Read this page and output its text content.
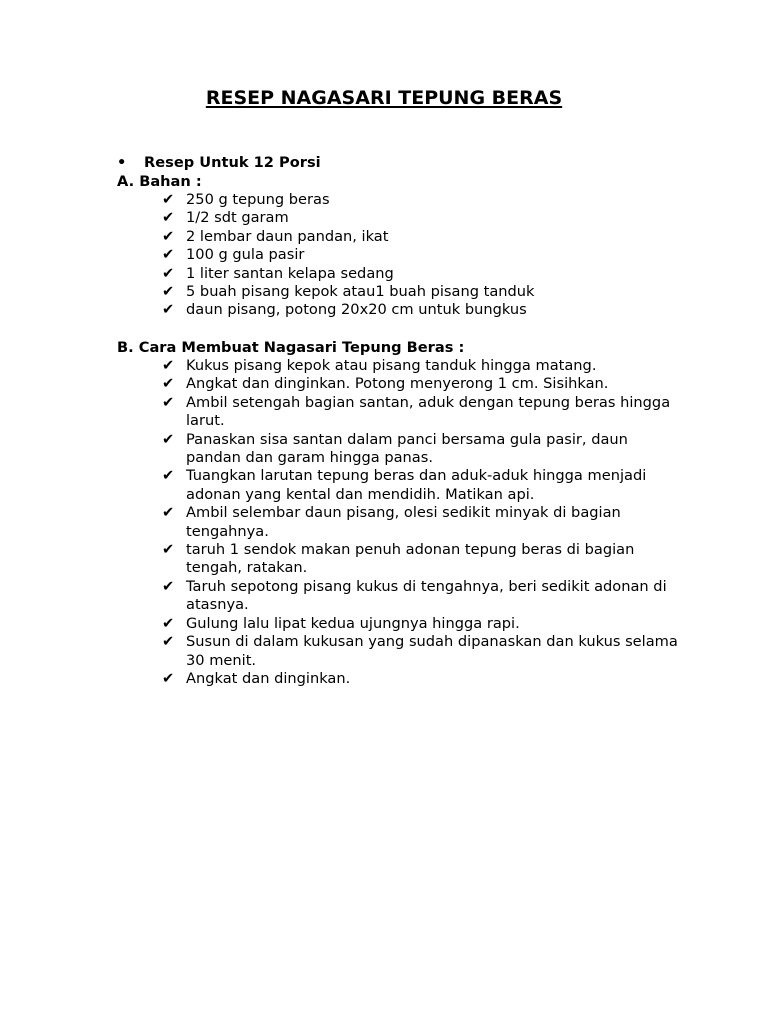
RESEP NAGASARI TEPUNG BERAS
• Resep Untuk 12 Porsi
A. Bahan :
✔ 250 g tepung beras
✔ 1/2 sdt garam
✔ 2 lembar daun pandan, ikat
✔ 100 g gula pasir
✔ 1 liter santan kelapa sedang
✔ 5 buah pisang kepok atau1 buah pisang tanduk
✔ daun pisang, potong 20x20 cm untuk bungkus
B. Cara Membuat Nagasari Tepung Beras :
✔ Kukus pisang kepok atau pisang tanduk hingga matang.
✔ Angkat dan dinginkan. Potong menyerong 1 cm. Sisihkan.
✔ Ambil setengah bagian santan, aduk dengan tepung beras hingga larut.
✔ Panaskan sisa santan dalam panci bersama gula pasir, daun pandan dan garam hingga panas.
✔ Tuangkan larutan tepung beras dan aduk-aduk hingga menjadi adonan yang kental dan mendidih. Matikan api.
✔ Ambil selembar daun pisang, olesi sedikit minyak di bagian tengahnya.
✔ taruh 1 sendok makan penuh adonan tepung beras di bagian tengah, ratakan.
✔ Taruh sepotong pisang kukus di tengahnya, beri sedikit adonan di atasnya.
✔ Gulung lalu lipat kedua ujungnya hingga rapi.
✔ Susun di dalam kukusan yang sudah dipanaskan dan kukus selama 30 menit.
✔ Angkat dan dinginkan.
